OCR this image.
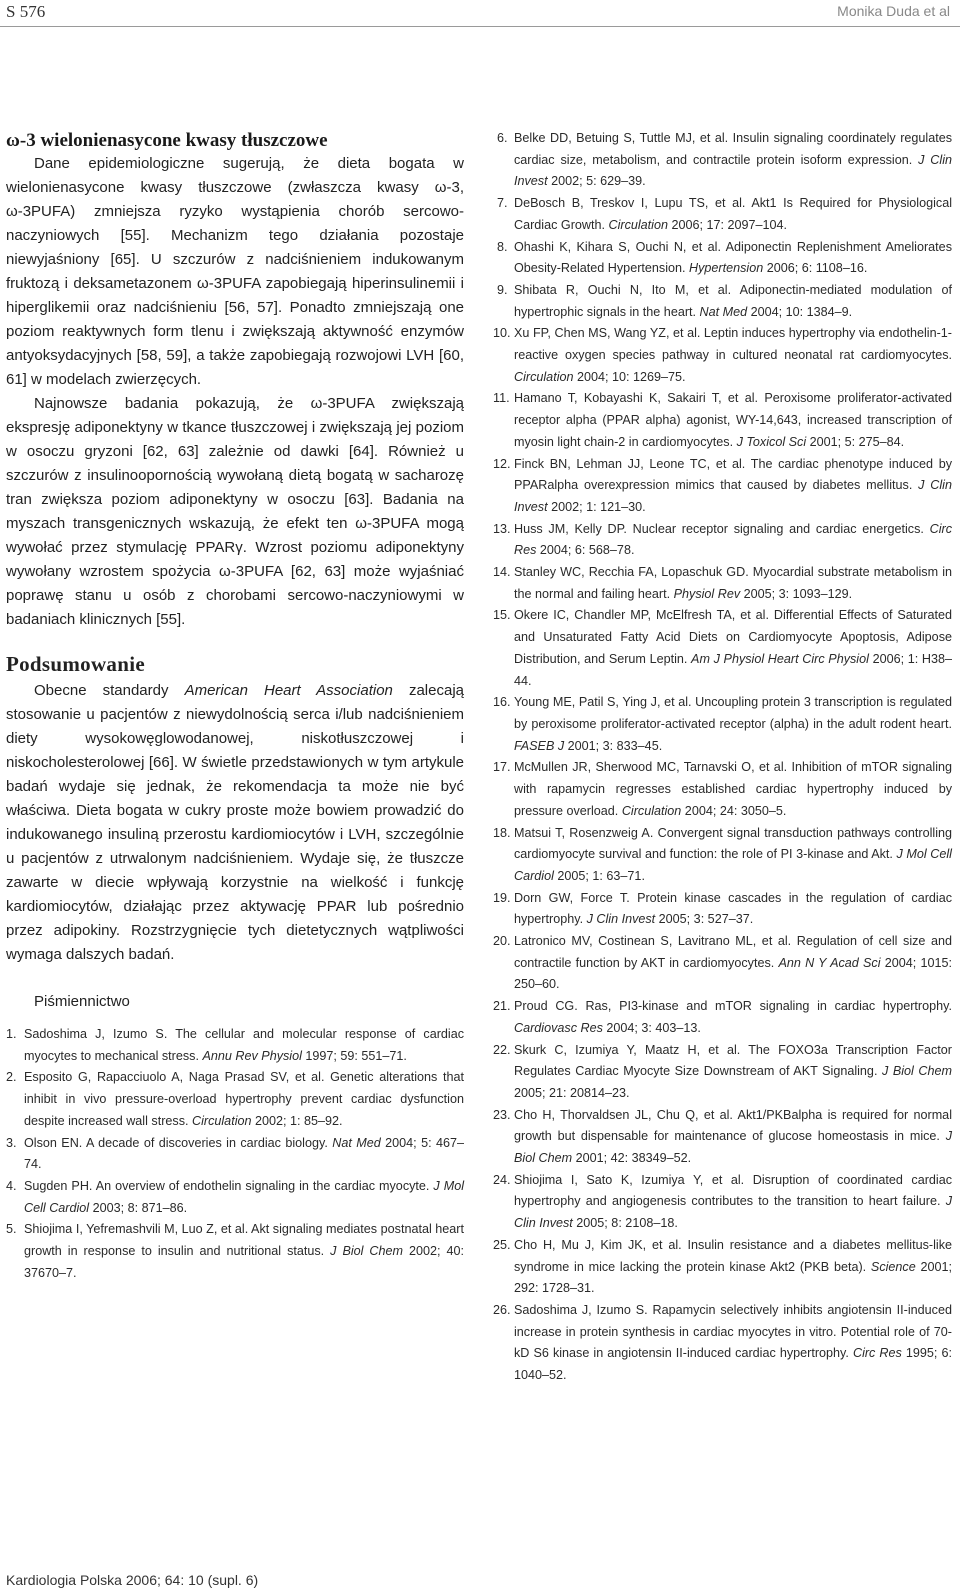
S 576	Monika Duda et al
ω-3 wielonienasycone kwasy tłuszczowe

Dane epidemiologiczne sugerują, że dieta bogata w wielonienasycone kwasy tłuszczowe (zwłaszcza kwasy ω-3, ω-3PUFA) zmniejsza ryzyko wystąpienia chorób sercowo-naczyniowych [55]. Mechanizm tego działania pozostaje niewyjaśniony [65]. U szczurów z nadciśnieniem indukowanym fruktozą i deksametazonem ω-3PUFA zapobiegają hiperinsulinemii i hiperglikemii oraz nadciśnieniu [56, 57]. Ponadto zmniejszają one poziom reaktywnych form tlenu i zwiększają aktywność enzymów antyoksydacyjnych [58, 59], a także zapobiegają rozwojowi LVH [60, 61] w modelach zwierzęcych.

Najnowsze badania pokazują, że ω-3PUFA zwiększają ekspresję adiponektyny w tkance tłuszczowej i zwiększają jej poziom w osoczu gryzoni [62, 63] zależnie od dawki [64]. Również u szczurów z insulinoopornością wywołaną dietą bogatą w sacharozę tran zwiększa poziom adiponektyny w osoczu [63]. Badania na myszach transgenicznych wskazują, że efekt ten ω-3PUFA mogą wywołać przez stymulację PPARγ. Wzrost poziomu adiponektyny wywołany wzrostem spożycia ω-3PUFA [62, 63] może wyjaśniać poprawę stanu u osób z chorobami sercowo-naczyniowymi w badaniach klinicznych [55].

Podsumowanie

Obecne standardy American Heart Association zalecają stosowanie u pacjentów z niewydolnością serca i/lub nadciśnieniem diety wysokowęglowodanowej, niskotłuszczowej i niskocholesterolowej [66]. W świetle przedstawionych w tym artykule badań wydaje się jednak, że rekomendacja ta może nie być właściwa. Dieta bogata w cukry proste może bowiem prowadzić do indukowanego insuliną przerostu kardiomiocytów i LVH, szczególnie u pacjentów z utrwalonym nadciśnieniem. Wydaje się, że tłuszcze zawarte w diecie wpływają korzystnie na wielkość i funkcję kardiomiocytów, działając przez aktywację PPAR lub pośrednio przez adipokiny. Rozstrzygnięcie tych dietetycznych wątpliwości wymaga dalszych badań.

Piśmiennictwo
1. Sadoshima J, Izumo S. The cellular and molecular response of cardiac myocytes to mechanical stress. Annu Rev Physiol 1997; 59: 551–71.
2. Esposito G, Rapacciuolo A, Naga Prasad SV, et al. Genetic alterations that inhibit in vivo pressure-overload hypertrophy prevent cardiac dysfunction despite increased wall stress. Circulation 2002; 1: 85–92.
3. Olson EN. A decade of discoveries in cardiac biology. Nat Med 2004; 5: 467–74.
4. Sugden PH. An overview of endothelin signaling in the cardiac myocyte. J Mol Cell Cardiol 2003; 8: 871–86.
5. Shiojima I, Yefremashvili M, Luo Z, et al. Akt signaling mediates postnatal heart growth in response to insulin and nutritional status. J Biol Chem 2002; 40: 37670–7.
6. Belke DD, Betuing S, Tuttle MJ, et al. Insulin signaling coordinately regulates cardiac size, metabolism, and contractile protein isoform expression. J Clin Invest 2002; 5: 629–39.
7. DeBosch B, Treskov I, Lupu TS, et al. Akt1 Is Required for Physiological Cardiac Growth. Circulation 2006; 17: 2097–104.
8. Ohashi K, Kihara S, Ouchi N, et al. Adiponectin Replenishment Ameliorates Obesity-Related Hypertension. Hypertension 2006; 6: 1108–16.
9. Shibata R, Ouchi N, Ito M, et al. Adiponectin-mediated modulation of hypertrophic signals in the heart. Nat Med 2004; 10: 1384–9.
10. Xu FP, Chen MS, Wang YZ, et al. Leptin induces hypertrophy via endothelin-1- reactive oxygen species pathway in cultured neonatal rat cardiomyocytes. Circulation 2004; 10: 1269–75.
11. Hamano T, Kobayashi K, Sakairi T, et al. Peroxisome proliferator-activated receptor alpha (PPAR alpha) agonist, WY-14,643, increased transcription of myosin light chain-2 in cardiomyocytes. J Toxicol Sci 2001; 5: 275–84.
12. Finck BN, Lehman JJ, Leone TC, et al. The cardiac phenotype induced by PPARalpha overexpression mimics that caused by diabetes mellitus. J Clin Invest 2002; 1: 121–30.
13. Huss JM, Kelly DP. Nuclear receptor signaling and cardiac energetics. Circ Res 2004; 6: 568–78.
14. Stanley WC, Recchia FA, Lopaschuk GD. Myocardial substrate metabolism in the normal and failing heart. Physiol Rev 2005; 3: 1093–129.
15. Okere IC, Chandler MP, McElfresh TA, et al. Differential Effects of Saturated and Unsaturated Fatty Acid Diets on Cardiomyocyte Apoptosis, Adipose Distribution, and Serum Leptin. Am J Physiol Heart Circ Physiol 2006; 1: H38–44.
16. Young ME, Patil S, Ying J, et al. Uncoupling protein 3 transcription is regulated by peroxisome proliferator-activated receptor (alpha) in the adult rodent heart. FASEB J 2001; 3: 833–45.
17. McMullen JR, Sherwood MC, Tarnavski O, et al. Inhibition of mTOR signaling with rapamycin regresses established cardiac hypertrophy induced by pressure overload. Circulation 2004; 24: 3050–5.
18. Matsui T, Rosenzweig A. Convergent signal transduction pathways controlling cardiomyocyte survival and function: the role of PI 3-kinase and Akt. J Mol Cell Cardiol 2005; 1: 63–71.
19. Dorn GW, Force T. Protein kinase cascades in the regulation of cardiac hypertrophy. J Clin Invest 2005; 3: 527–37.
20. Latronico MV, Costinean S, Lavitrano ML, et al. Regulation of cell size and contractile function by AKT in cardiomyocytes. Ann N Y Acad Sci 2004; 1015: 250–60.
21. Proud CG. Ras, PI3-kinase and mTOR signaling in cardiac hypertrophy. Cardiovasc Res 2004; 3: 403–13.
22. Skurk C, Izumiya Y, Maatz H, et al. The FOXO3a Transcription Factor Regulates Cardiac Myocyte Size Downstream of AKT Signaling. J Biol Chem 2005; 21: 20814–23.
23. Cho H, Thorvaldsen JL, Chu Q, et al. Akt1/PKBalpha is required for normal growth but dispensable for maintenance of glucose homeostasis in mice. J Biol Chem 2001; 42: 38349–52.
24. Shiojima I, Sato K, Izumiya Y, et al. Disruption of coordinated cardiac hypertrophy and angiogenesis contributes to the transition to heart failure. J Clin Invest 2005; 8: 2108–18.
25. Cho H, Mu J, Kim JK, et al. Insulin resistance and a diabetes mellitus-like syndrome in mice lacking the protein kinase Akt2 (PKB beta). Science 2001; 292: 1728–31.
26. Sadoshima J, Izumo S. Rapamycin selectively inhibits angiotensin II-induced increase in protein synthesis in cardiac myocytes in vitro. Potential role of 70-kD S6 kinase in angiotensin II-induced cardiac hypertrophy. Circ Res 1995; 6: 1040–52.
Kardiologia Polska 2006; 64: 10 (supl. 6)
